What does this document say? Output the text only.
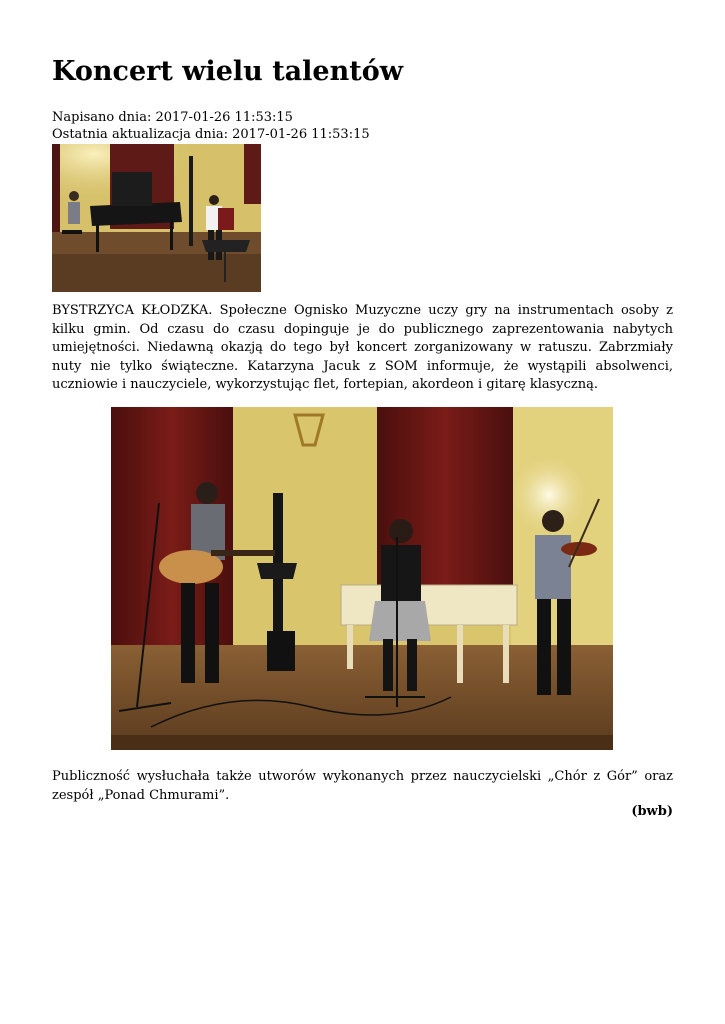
Koncert wielu talentów
Napisano dnia: 2017-01-26 11:53:15
Ostatnia aktualizacja dnia: 2017-01-26 11:53:15

BYSTRZYCA KŁODZKA. Społeczne Ognisko Muzyczne uczy gry na instrumentach osoby z kilku gmin. Od czasu do czasu dopinguje je do publicznego zaprezentowania nabytych umiejętności. Niedawną okazją do tego był koncert zorganizowany w ratuszu. Zabrzmiały nuty nie tylko świąteczne. Katarzyna Jacuk z SOM informuje, że wystąpili absolwenci, uczniowie i nauczyciele, wykorzystując flet, fortepian, akordeon i gitarę klasyczną.

Publiczność wysłuchała także utworów wykonanych przez nauczycielski „Chór z Gór” oraz zespół „Ponad Chmurami”.

(bwb)
